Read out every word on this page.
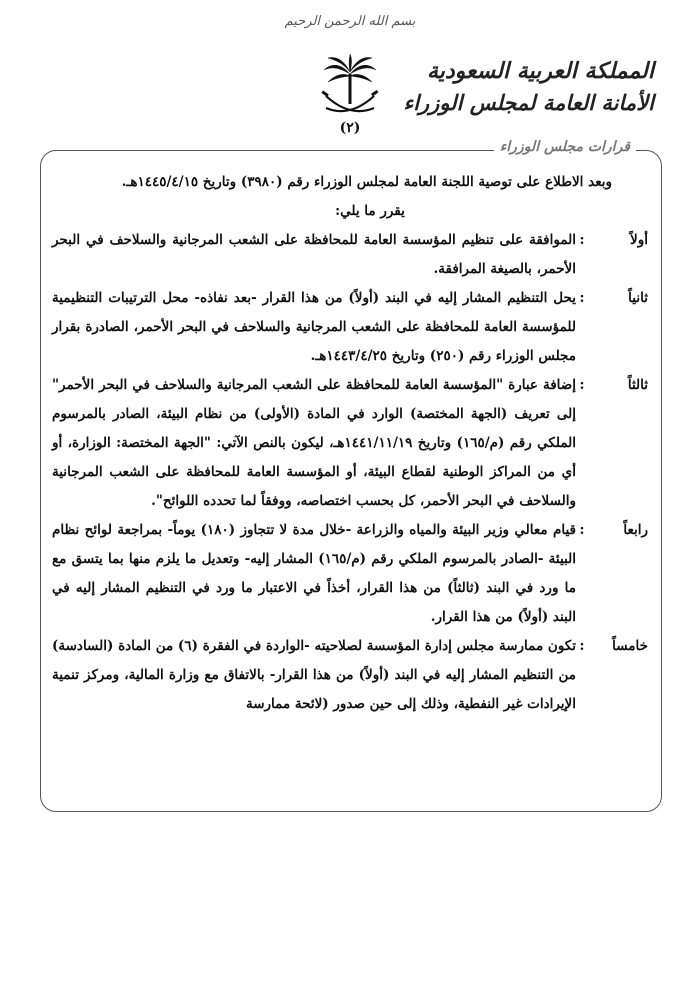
بسم الله الرحمن الرحيم
المملكة العربية السعودية
الأمانة العامة لمجلس الوزراء
(٢)
قرارات مجلس الوزراء

وبعد الاطلاع على توصية اللجنة العامة لمجلس الوزراء رقم (٣٩٨٠) وتاريخ ١٤٤٥/٤/١٥هـ.

يقرر ما يلي:

أولاً
:

الموافقة على تنظيم المؤسسة العامة للمحافظة على الشعب المرجانية والسلاحف في البحر الأحمر، بالصيغة المرافقة.

ثانياً
:

يحل التنظيم المشار إليه في البند (أولاً) من هذا القرار -بعد نفاذه- محل الترتيبات التنظيمية للمؤسسة العامة للمحافظة على الشعب المرجانية والسلاحف في البحر الأحمر، الصادرة بقرار مجلس الوزراء رقم (٢٥٠) وتاريخ ١٤٤٣/٤/٢٥هـ.

ثالثاً
:

إضافة عبارة "المؤسسة العامة للمحافظة على الشعب المرجانية والسلاحف في البحر الأحمر" إلى تعريف (الجهة المختصة) الوارد في المادة (الأولى) من نظام البيئة، الصادر بالمرسوم الملكي رقم (م/١٦٥) وتاريخ ١٤٤١/١١/١٩هـ، ليكون بالنص الآتي: "الجهة المختصة: الوزارة، أو أي من المراكز الوطنية لقطاع البيئة، أو المؤسسة العامة للمحافظة على الشعب المرجانية والسلاحف في البحر الأحمر، كل بحسب اختصاصه، ووفقاً لما تحدده اللوائح".

رابعاً
:

قيام معالي وزير البيئة والمياه والزراعة -خلال مدة لا تتجاوز (١٨٠) يوماً- بمراجعة لوائح نظام البيئة -الصادر بالمرسوم الملكي رقم (م/١٦٥) المشار إليه- وتعديل ما يلزم منها بما يتسق مع ما ورد في البند (ثالثاً) من هذا القرار، أخذاً في الاعتبار ما ورد في التنظيم المشار إليه في البند (أولاً) من هذا القرار.

خامساً
:

تكون ممارسة مجلس إدارة المؤسسة لصلاحيته -الواردة في الفقرة (٦) من المادة (السادسة) من التنظيم المشار إليه في البند (أولاً) من هذا القرار- بالاتفاق مع وزارة المالية، ومركز تنمية الإيرادات غير النفطية، وذلك إلى حين صدور (لائحة ممارسة
